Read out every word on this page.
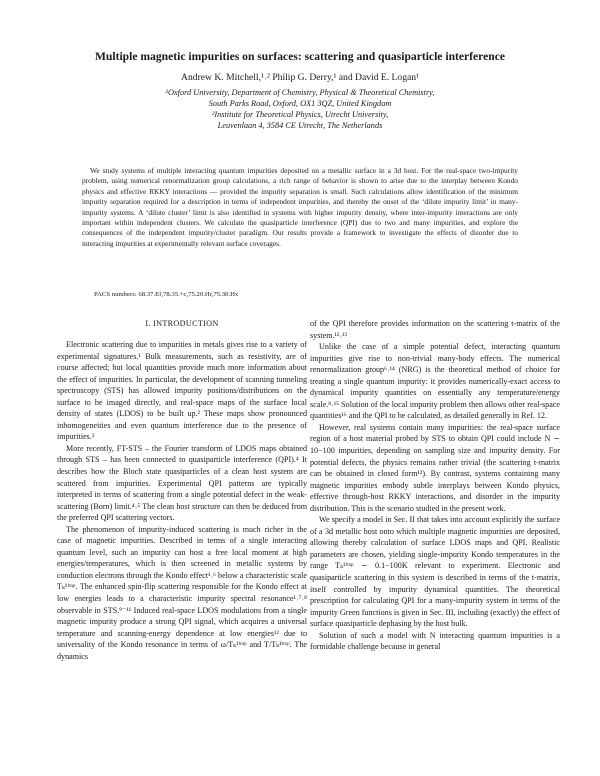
Multiple magnetic impurities on surfaces: scattering and quasiparticle interference
Andrew K. Mitchell,¹˒² Philip G. Derry,¹ and David E. Logan¹
¹Oxford University, Department of Chemistry, Physical & Theoretical Chemistry,
South Parks Road, Oxford, OX1 3QZ, United Kingdom
²Institute for Theoretical Physics, Utrecht University,
Leuvenlaan 4, 3584 CE Utrecht, The Netherlands

We study systems of multiple interacting quantum impurities deposited on a metallic surface in a 3d host. For the real-space two-impurity problem, using numerical renormalization group calculations, a rich range of behavior is shown to arise due to the interplay between Kondo physics and effective RKKY interactions — provided the impurity separation is small. Such calculations allow identification of the minimum impurity separation required for a description in terms of independent impurities, and thereby the onset of the ‘dilute impurity limit’ in many-impurity systems. A ‘dilute cluster’ limit is also identified in systems with higher impurity density, where inter-impurity interactions are only important within independent clusters. We calculate the quasiparticle interference (QPI) due to two and many impurities, and explore the consequences of the independent impurity/cluster paradigm. Our results provide a framework to investigate the effects of disorder due to interacting impurities at experimentally relevant surface coverages.

PACS numbers: 68.37.Ef,78.35.+c,75.20.Hr,75.30.Hx
I. INTRODUCTION

Electronic scattering due to impurities in metals gives rise to a variety of experimental signatures.¹ Bulk measurements, such as resistivity, are of course affected; but local quantities provide much more information about the effect of impurities. In particular, the development of scanning tunneling spectroscopy (STS) has allowed impurity positions/distributions on the surface to be imaged directly, and real-space maps of the surface local density of states (LDOS) to be built up.² These maps show pronounced inhomogeneities and even quantum interference due to the presence of impurities.³

More recently, FT-STS – the Fourier transform of LDOS maps obtained through STS – has been connected to quasiparticle interference (QPI).⁴ It describes how the Bloch state quasiparticles of a clean host system are scattered from impurities. Experimental QPI patterns are typically interpreted in terms of scattering from a single potential defect in the weak-scattering (Born) limit.⁴˒⁵ The clean host structure can then be deduced from the preferred QPI scattering vectors.

The phenomenon of impurity-induced scattering is much richer in the case of magnetic impurities. Described in terms of a single interacting quantum level, such an impurity can host a free local moment at high energies/temperatures, which is then screened in metallic systems by conduction electrons through the Kondo effect¹˒⁶ below a characteristic scale Tₖ¹ⁱᵐᵖ. The enhanced spin-flip scattering responsible for the Kondo effect at low energies leads to a characteristic impurity spectral resonance¹˒⁷˒⁸ observable in STS.⁹⁻¹¹ Induced real-space LDOS modulations from a single magnetic impurity produce a strong QPI signal, which acquires a universal temperature and scanning-energy dependence at low energies¹² due to universality of the Kondo resonance in terms of ω/Tₖ¹ⁱᵐᵖ and T/Tₖ¹ⁱᵐᵖ. The dynamics

of the QPI therefore provides information on the scattering t-matrix of the system.¹²˒¹³

Unlike the case of a simple potential defect, interacting quantum impurities give rise to non-trivial many-body effects. The numerical renormalization group⁶˒¹⁴ (NRG) is the theoretical method of choice for treating a single quantum impurity: it provides numerically-exact access to dynamical impurity quantities on essentially any temperature/energy scale.⁸˒¹⁵ Solution of the local impurity problem then allows other real-space quantities¹⁶ and the QPI to be calculated, as detailed generally in Ref. 12.

However, real systems contain many impurities: the real-space surface region of a host material probed by STS to obtain QPI could include N ∼ 10−100 impurities, depending on sampling size and impurity density. For potential defects, the physics remains rather trivial (the scattering t-matrix can be obtained in closed form¹²). By contrast, systems containing many magnetic impurities embody subtle interplays between Kondo physics, effective through-host RKKY interactions, and disorder in the impurity distribution. This is the scenario studied in the present work.

We specify a model in Sec. II that takes into account explicitly the surface of a 3d metallic host onto which multiple magnetic impurities are deposited, allowing thereby calculation of surface LDOS maps and QPI. Realistic parameters are chosen, yielding single-impurity Kondo temperatures in the range Tₖ¹ⁱᵐᵖ ∼ 0.1−100K relevant to experiment. Electronic and quasiparticle scattering in this system is described in terms of the t-matrix, itself controlled by impurity dynamical quantities. The theoretical prescription for calculating QPI for a many-impurity system in terms of the impurity Green functions is given in Sec. III, including (exactly) the effect of surface quasiparticle dephasing by the host bulk.

Solution of such a model with N interacting quantum impurities is a formidable challenge because in general
